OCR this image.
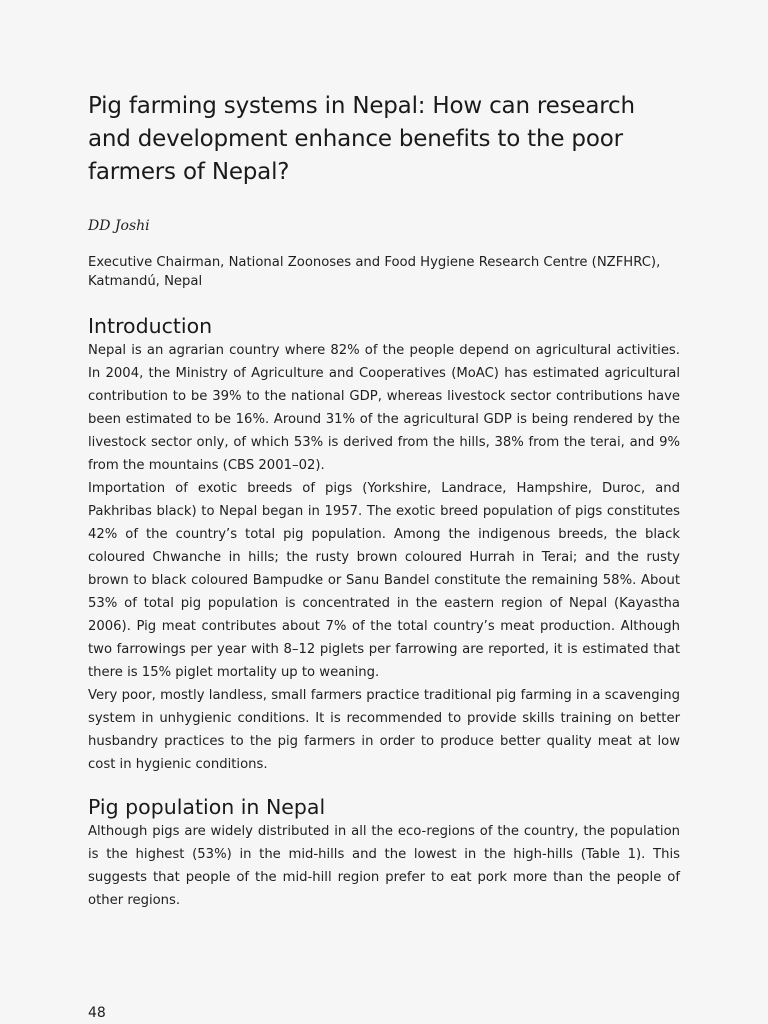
Pig farming systems in Nepal: How can research and development enhance benefits to the poor farmers of Nepal?

DD Joshi

Executive Chairman, National Zoonoses and Food Hygiene Research Centre (NZFHRC), Katmandú, Nepal

Introduction

Nepal is an agrarian country where 82% of the people depend on agricultural activities. In 2004, the Ministry of Agriculture and Cooperatives (MoAC) has estimated agricultural contribution to be 39% to the national GDP, whereas livestock sector contributions have been estimated to be 16%. Around 31% of the agricultural GDP is being rendered by the livestock sector only, of which 53% is derived from the hills, 38% from the terai, and 9% from the mountains (CBS 2001–02).

Importation of exotic breeds of pigs (Yorkshire, Landrace, Hampshire, Duroc, and Pakhribas black) to Nepal began in 1957. The exotic breed population of pigs constitutes 42% of the country’s total pig population. Among the indigenous breeds, the black coloured Chwanche in hills; the rusty brown coloured Hurrah in Terai; and the rusty brown to black coloured Bampudke or Sanu Bandel constitute the remaining 58%. About 53% of total pig population is concentrated in the eastern region of Nepal (Kayastha 2006). Pig meat contributes about 7% of the total country’s meat production. Although two farrowings per year with 8–12 piglets per farrowing are reported, it is estimated that there is 15% piglet mortality up to weaning.

Very poor, mostly landless, small farmers practice traditional pig farming in a scavenging system in unhygienic conditions. It is recommended to provide skills training on better husbandry practices to the pig farmers in order to produce better quality meat at low cost in hygienic conditions.

Pig population in Nepal

Although pigs are widely distributed in all the eco-regions of the country, the population is the highest (53%) in the mid-hills and the lowest in the high-hills (Table 1). This suggests that people of the mid-hill region prefer to eat pork more than the people of other regions.

48
